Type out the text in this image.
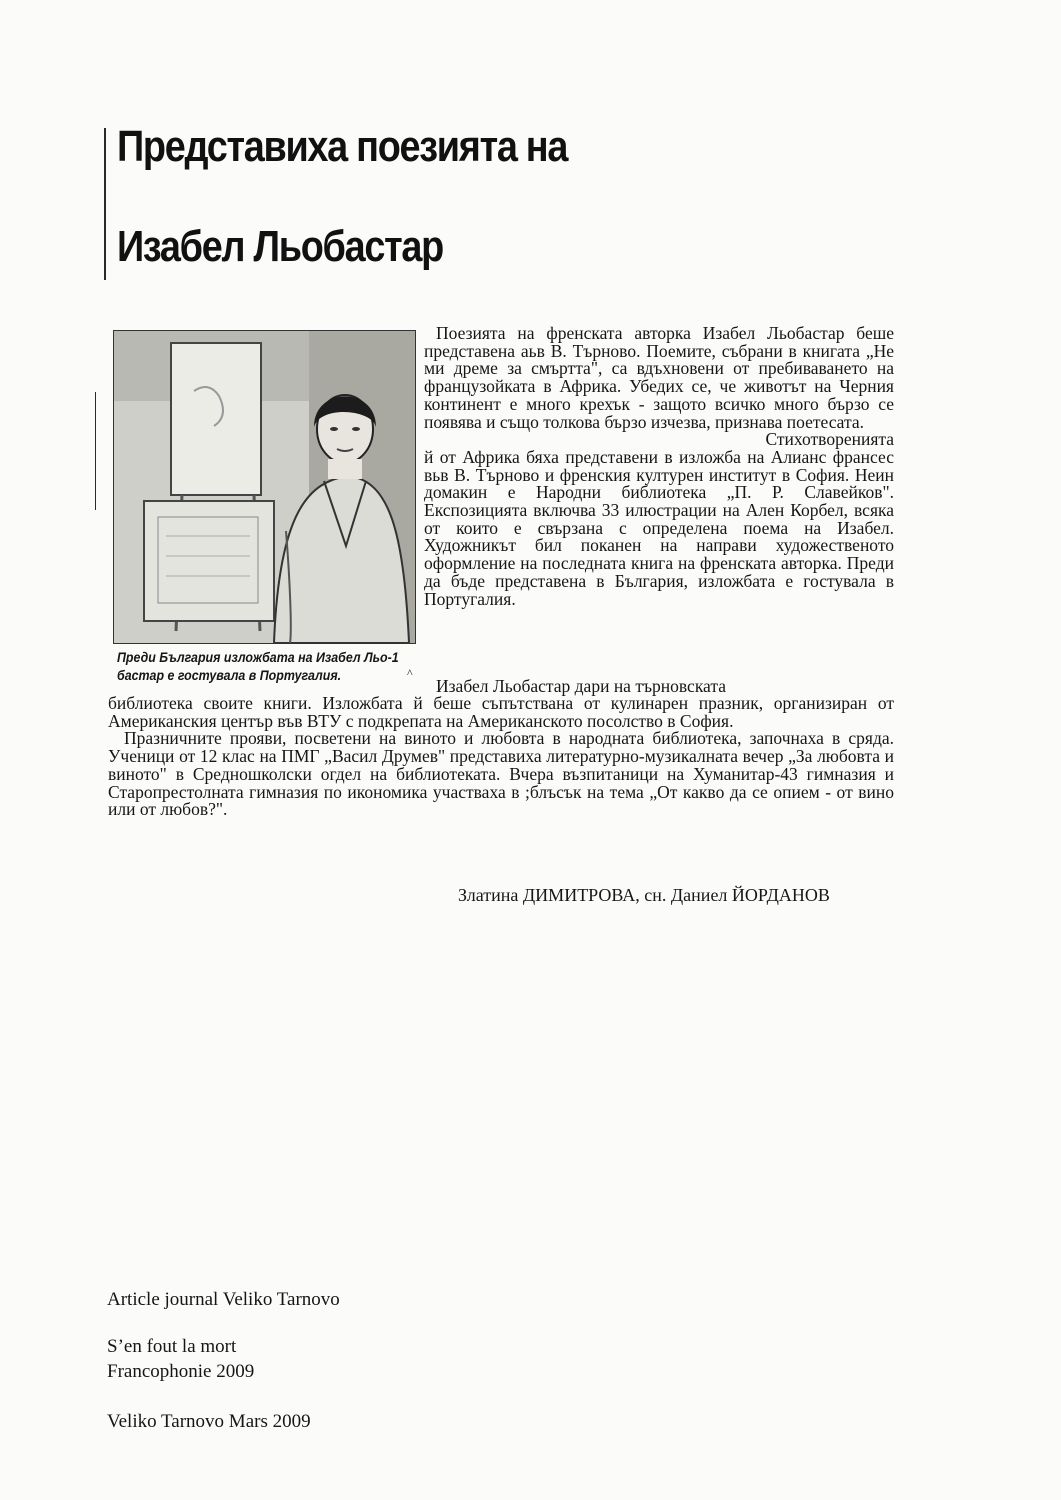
Представиха поезията на
Изабел Льобастар
Преди България изложбата на Изабел Льо-1
бастар е гостувала в Португалия.	^

Поезията на френската авторка Изабел Льобастар беше представена аьв В. Търново. Поемите, събрани в книгата „Не ми дреме за смъртта", са вдъхновени от пребиваването на французойката в Африка. Убедих се, че животът на Черния континент е много крехък - защото всичко много бързо се появява и също толкова бързо изчезва, признава поетесата.

Стихотворенията

й от Африка бяха представени в изложба на Алианс франсес вьв В. Търново и френския културен институт в София. Неин домакин е Народни библиотека „П. Р. Славейков". Експозицията включва 33 илюстрации на Ален Корбел, всяка от които е свързана с определена поема на Изабел. Художникът бил поканен на направи художественото оформление на последната книга на френската авторка. Преди да бъде представена в България, изложбата е гостувала в Португалия.

Изабел Льобастар дари на търновската

библиотека своите книги. Изложбата й беше съпътствана от кулинарен празник, организиран от Американския център във ВТУ с подкрепата на Американското посолство в София.

Празничните прояви, посветени на виното и любовта в народната библиотека, започнаха в сряда. Ученици от 12 клас на ПМГ „Васил Друмев" представиха литературно-музикалната вечер „За любовта и виното" в Средношколски огдел на библиотеката. Вчера възпитаници на Хуманитар-43 гимназия и Старопрестолната гимназия по икономика участваха в ;блъсък на тема „От какво да се опием - от вино или от любов?".

Златина ДИМИТРОВА, сн. Даниел ЙОРДАНОВ
Article journal Veliko Tarnovo
S’en fout la mort
Francophonie 2009
Veliko Tarnovo Mars 2009
